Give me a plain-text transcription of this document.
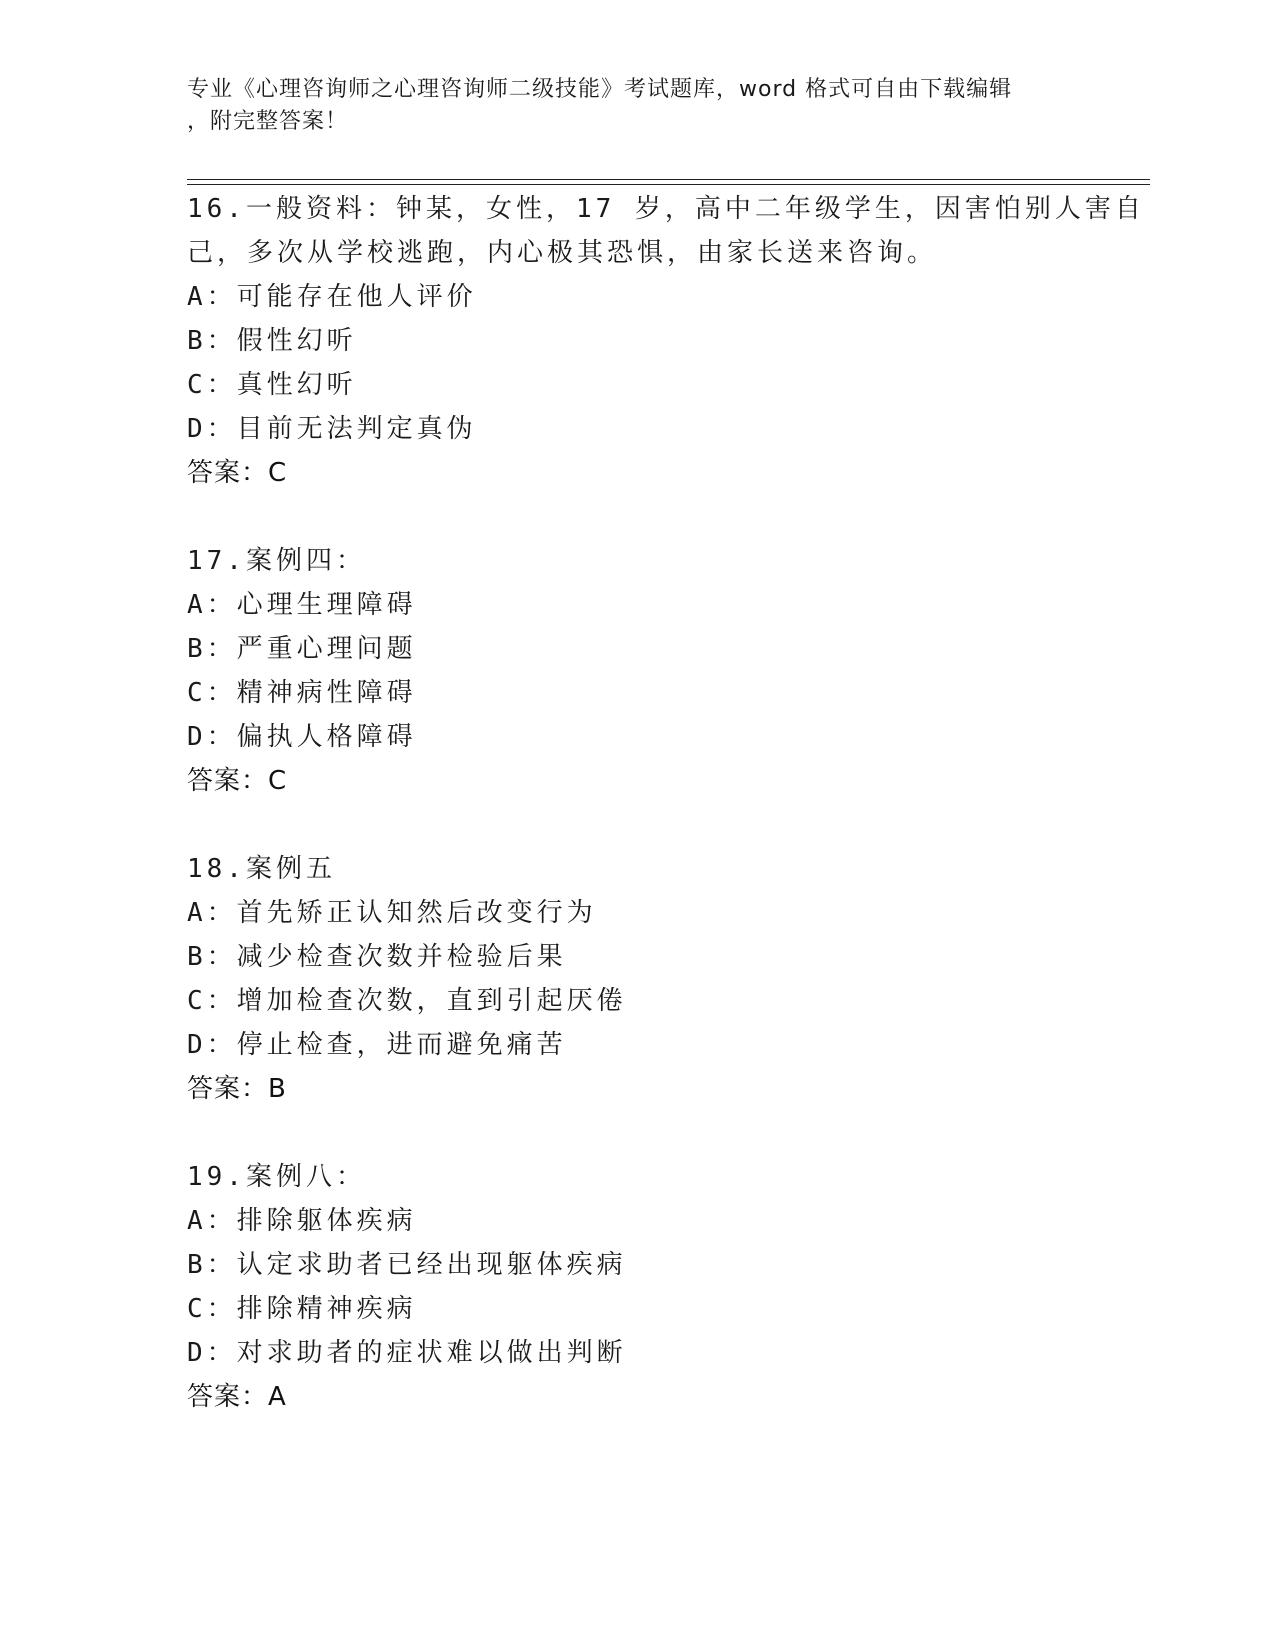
专业《心理咨询师之心理咨询师二级技能》考试题库，word 格式可自由下载编辑
，附完整答案！
16.一般资料：钟某，女性，17 岁，高中二年级学生，因害怕别人害自
己，多次从学校逃跑，内心极其恐惧，由家长送来咨询。
A：可能存在他人评价
B：假性幻听
C：真性幻听
D：目前无法判定真伪
答案：C
17.案例四：
A：心理生理障碍
B：严重心理问题
C：精神病性障碍
D：偏执人格障碍
答案：C
18.案例五
A：首先矫正认知然后改变行为
B：减少检查次数并检验后果
C：增加检查次数，直到引起厌倦
D：停止检查，进而避免痛苦
答案：B
19.案例八：
A：排除躯体疾病
B：认定求助者已经出现躯体疾病
C：排除精神疾病
D：对求助者的症状难以做出判断
答案：A
